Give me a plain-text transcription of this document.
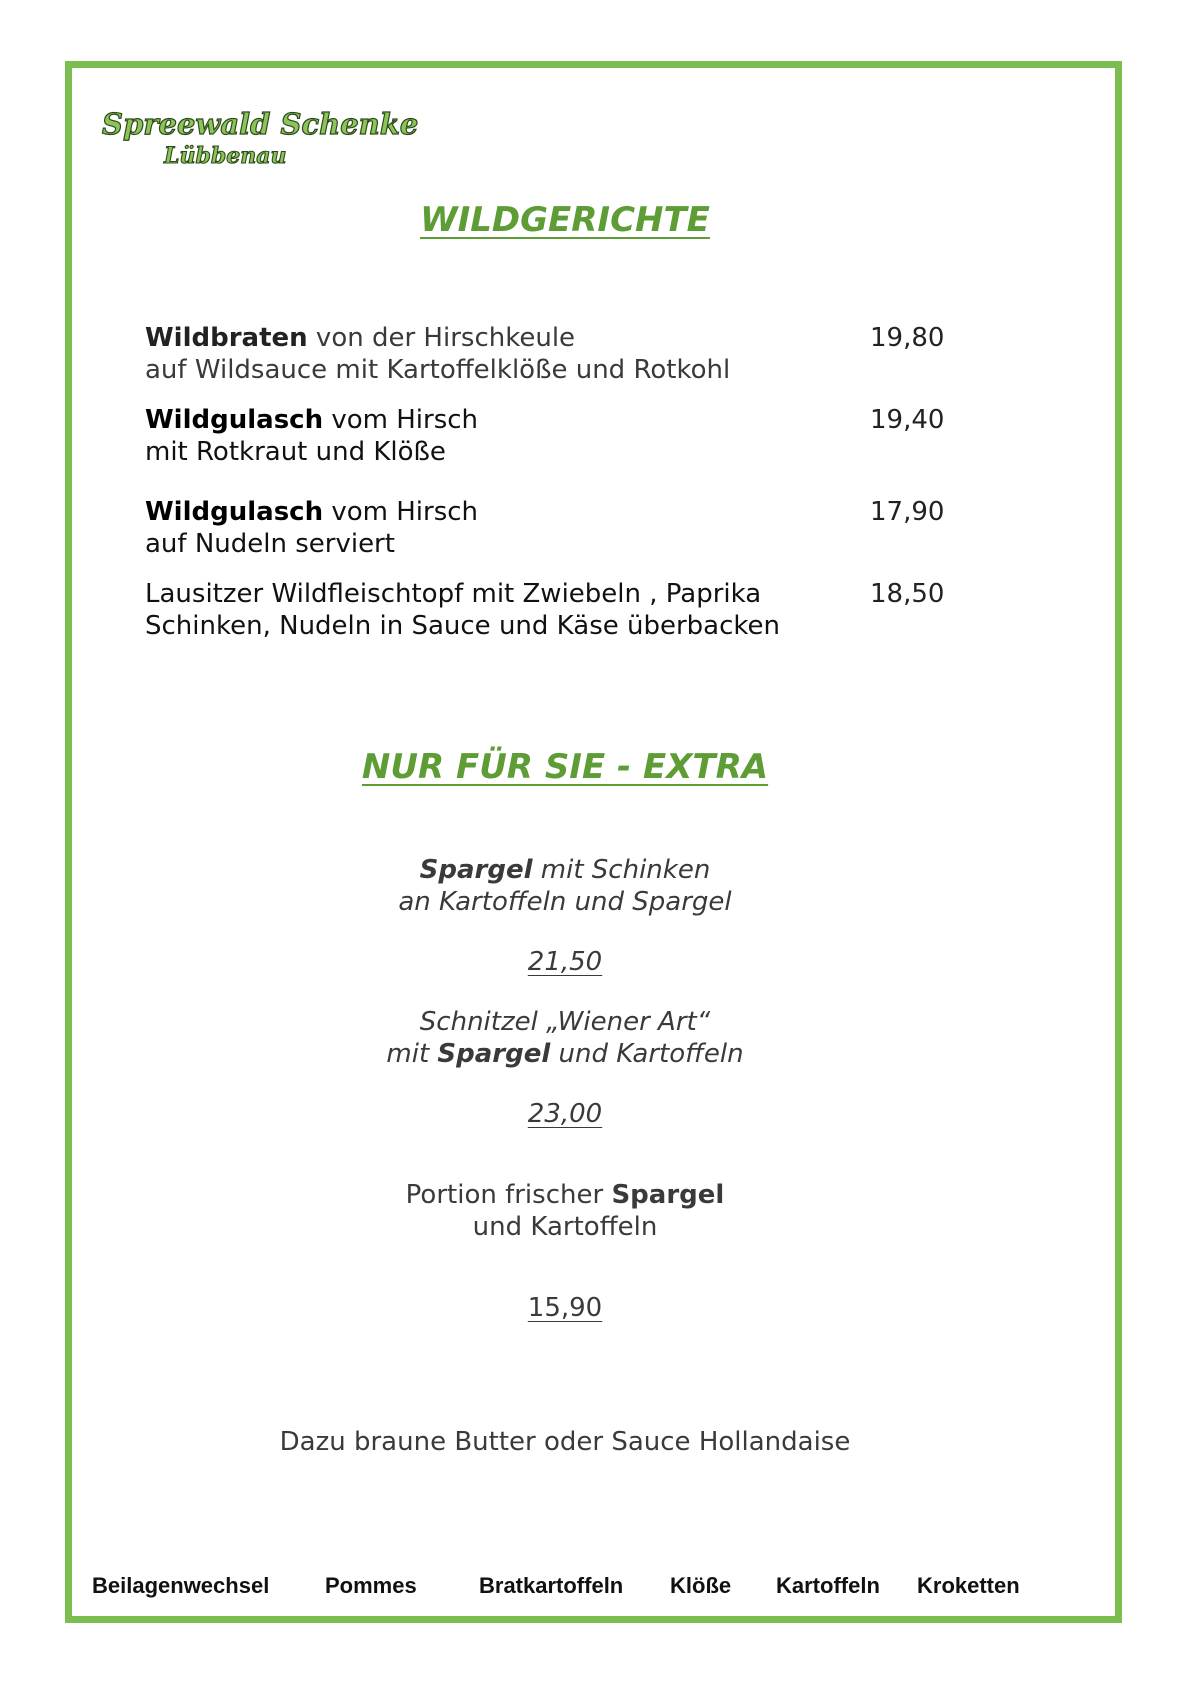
Spreewald Schenke
Lübbenau
WILDGERICHTE
Wildbraten von der Hirschkeule
auf Wildsauce mit Kartoffelklöße und Rotkohl
19,80
Wildgulasch vom Hirsch
mit Rotkraut und Klöße
19,40
Wildgulasch vom Hirsch
auf Nudeln serviert
17,90
Lausitzer Wildfleischtopf mit Zwiebeln , Paprika
Schinken, Nudeln in Sauce und Käse überbacken
18,50
NUR FÜR SIE - EXTRA
Spargel mit Schinken
an Kartoffeln und Spargel
21,50
Schnitzel „Wiener Art“
mit Spargel und Kartoffeln
23,00
Portion frischer Spargel
und Kartoffeln
15,90
Dazu braune Butter oder Sauce Hollandaise
Beilagenwechsel	Pommes	Bratkartoffeln Klöße Kartoffeln Kroketten
